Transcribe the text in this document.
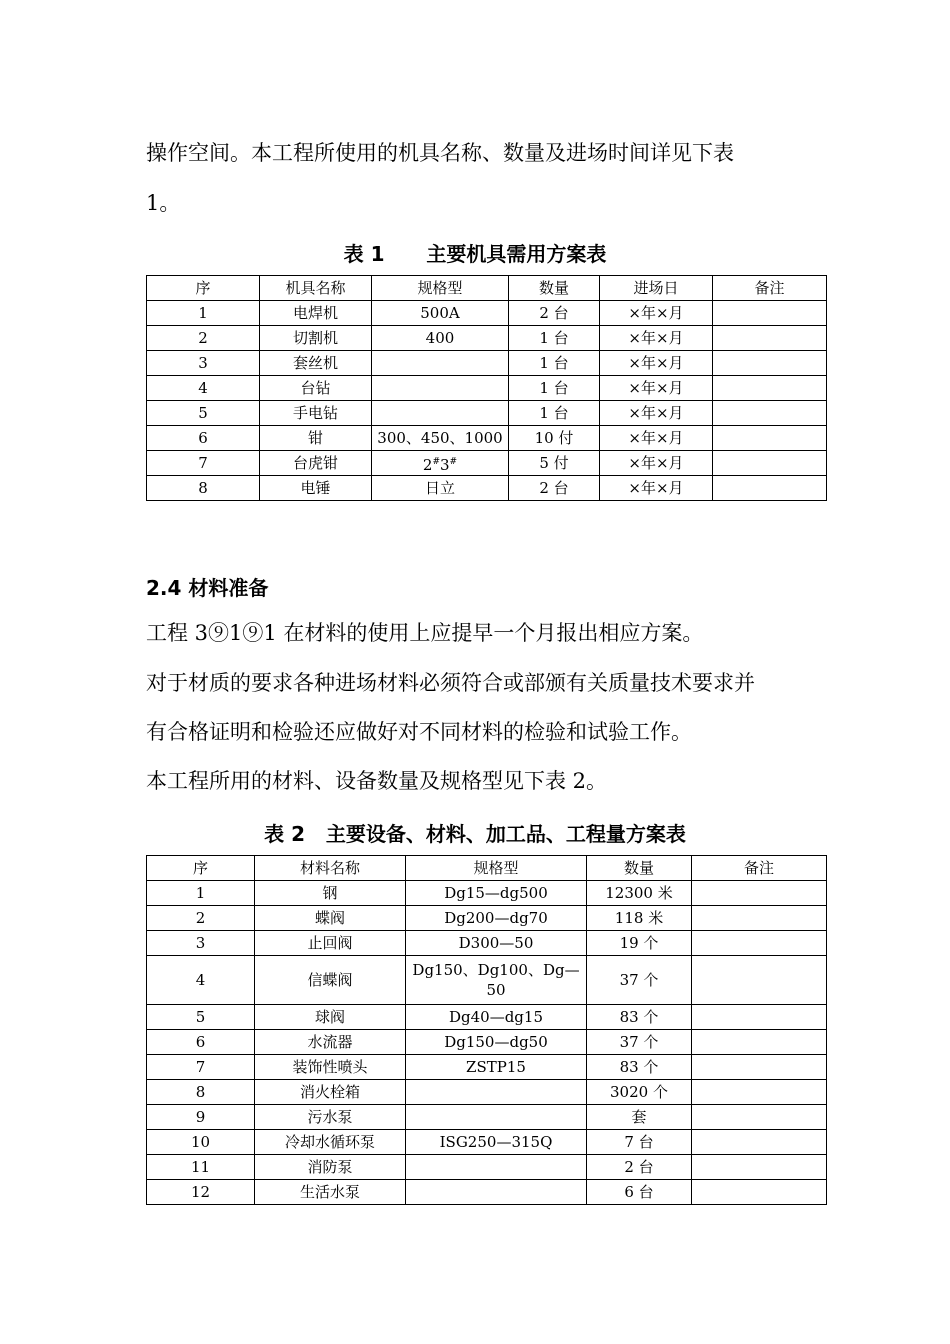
操作空间。本工程所使用的机具名称、数量及进场时间详见下表
1。
表 1      主要机具需用方案表
序	机具名称	规格型	数量	进场日	备注
1	电焊机	500A	2 台	×年×月	
2	切割机	400	1 台	×年×月	
3	套丝机		1 台	×年×月	
4	台钻		1 台	×年×月	
5	手电钻		1 台	×年×月	
6	钳	300、450、1000	10 付	×年×月	
7	台虎钳	2#3#	5 付	×年×月	
8	电锤	日立	2 台	×年×月	
2.4 材料准备
工程 3⑨1⑨1 在材料的使用上应提早一个月报出相应方案。
对于材质的要求各种进场材料必须符合或部颁有关质量技术要求并
有合格证明和检验还应做好对不同材料的检验和试验工作。
本工程所用的材料、设备数量及规格型见下表 2。
表 2   主要设备、材料、加工品、工程量方案表
序	材料名称	规格型	数量	备注
1	钢	Dg15—dg500	12300 米	
2	蝶阀	Dg200—dg70	118 米	
3	止回阀	D300—50	19 个	
4	信蝶阀	Dg150、Dg100、Dg—50	37 个	
5	球阀	Dg40—dg15	83 个	
6	水流器	Dg150—dg50	37 个	
7	装饰性喷头	ZSTP15	83 个	
8	消火栓箱		3020 个	
9	污水泵		套	
10	冷却水循环泵	ISG250—315Q	7 台	
11	消防泵		2 台	
12	生活水泵		6 台	
